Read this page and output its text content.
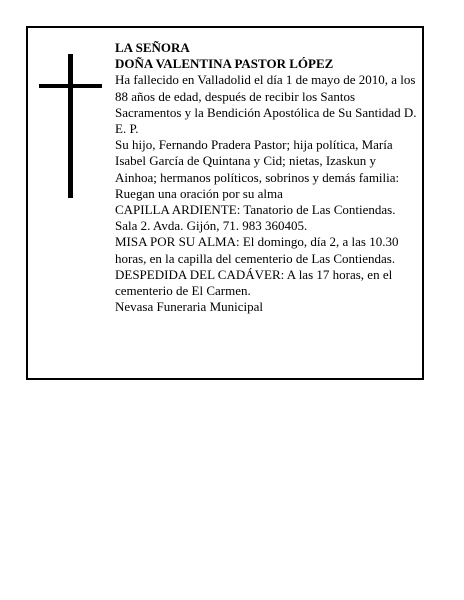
LA SEÑORA

DOÑA VALENTINA PASTOR LÓPEZ

Ha fallecido en Valladolid el día 1 de mayo de 2010, a los 88 años de edad, después de recibir los Santos Sacramentos y la Bendición Apostólica de Su Santidad D. E. P.

Su hijo, Fernando Pradera Pastor; hija política, María Isabel García de Quintana y Cid; nietas, Izaskun y Ainhoa; hermanos políticos, sobrinos y demás familia: Ruegan una oración por su alma

CAPILLA ARDIENTE: Tanatorio de Las Contiendas. Sala 2. Avda. Gijón, 71. 983 360405.

MISA POR SU ALMA: El domingo, día 2, a las 10.30 horas, en la capilla del cementerio de Las Contiendas.

DESPEDIDA DEL CADÁVER: A las 17 horas, en el cementerio de El Carmen.

Nevasa Funeraria Municipal
